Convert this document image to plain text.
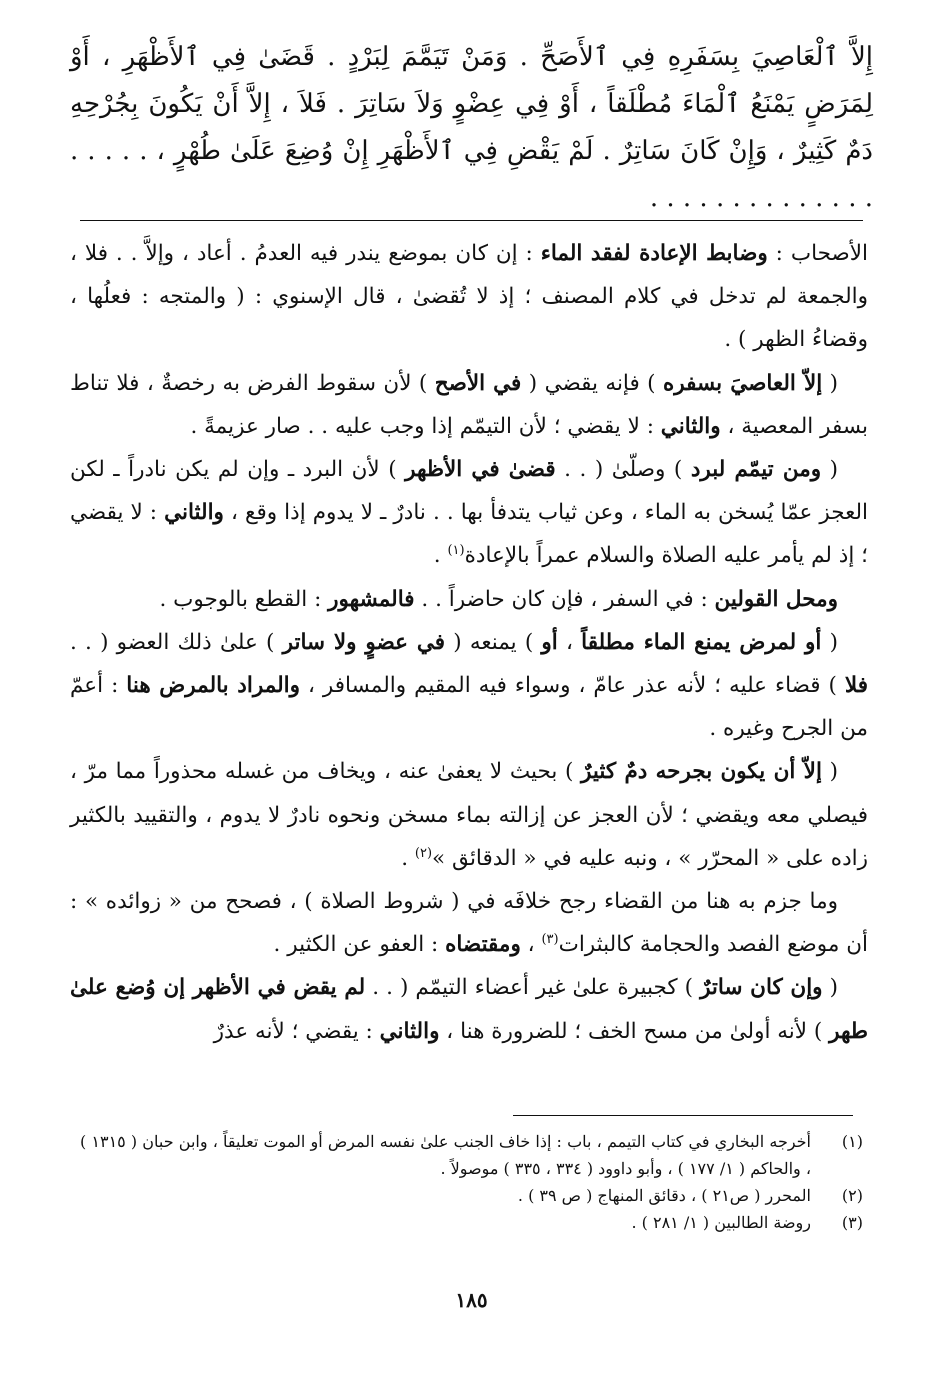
إِلاَّ ٱلْعَاصِيَ بِسَفَرِهِ فِي ٱلأَصَحِّ . وَمَنْ تَيَمَّمَ لِبَرْدٍ . قَضَىٰ فِي ٱلأَظْهَرِ ، أَوْ لِمَرَضٍ يَمْنَعُ ٱلْمَاءَ مُطْلَقاً ، أَوْ فِي عِضْوٍ وَلاَ سَاتِرَ . فَلاَ ، إِلاَّ أَنْ يَكُونَ بِجُرْحِهِ دَمٌ كَثِيرٌ ، وَإِنْ كَانَ سَاتِرٌ . لَمْ يَقْضِ فِي ٱلأَظْهَرِ إِنْ وُضِعَ عَلَىٰ طُهْرٍ ، . . . . . . . . . . . . . . . . . . .

الأصحاب : وضابط الإعادة لفقد الماء : إن كان بموضع يندر فيه العدمُ . أعاد ، وإلاَّ . . فلا ، والجمعة لم تدخل في كلام المصنف ؛ إذ لا تُقضىٰ ، قال الإسنوي : ( والمتجه : فعلُها ، وقضاءُ الظهر ) .

( إلاّ العاصيَ بسفره ) فإنه يقضي ( في الأصح ) لأن سقوط الفرض به رخصةٌ ، فلا تناط بسفر المعصية ، والثاني : لا يقضي ؛ لأن التيمّم إذا وجب عليه . . صار عزيمةً .

( ومن تيمّم لبرد ) وصلّىٰ ( . . قضىٰ في الأظهر ) لأن البرد ـ وإن لم يكن نادراً ـ لكن العجز عمّا يُسخن به الماء ، وعن ثياب يتدفأ بها . . نادرٌ ـ لا يدوم إذا وقع ، والثاني : لا يقضي ؛ إذ لم يأمر عليه الصلاة والسلام عمراً بالإعادة$^{(١)}$ .

ومحل القولين : في السفر ، فإن كان حاضراً . . فالمشهور : القطع بالوجوب .

( أو لمرض يمنع الماء مطلقاً ، أو ) يمنعه ( في عضوٍ ولا ساتر ) علىٰ ذلك العضو ( . . فلا ) قضاء عليه ؛ لأنه عذر عامّ ، وسواء فيه المقيم والمسافر ، والمراد بالمرض هنا : أعمّ من الجرح وغيره .

( إلاّ أن يكون بجرحه دمٌ كثيرٌ ) بحيث لا يعفىٰ عنه ، ويخاف من غسله محذوراً مما مرّ ، فيصلي معه ويقضي ؛ لأن العجز عن إزالته بماء مسخن ونحوه نادرٌ لا يدوم ، والتقييد بالكثير زاده على « المحرّر » ، ونبه عليه في « الدقائق »$^{(٢)}$ .

وما جزم به هنا من القضاء رجح خلافَه في ( شروط الصلاة ) ، فصحح من « زوائده » : أن موضع الفصد والحجامة كالبثرات$^{(٣)}$ ، ومقتضاه : العفو عن الكثير .

( وإن كان ساترٌ ) كجبيرة علىٰ غير أعضاء التيمّم ( . . لم يقض في الأظهر إن وُضع علىٰ طهر ) لأنه أولىٰ من مسح الخف ؛ للضرورة هنا ، والثاني : يقضي ؛ لأنه عذرٌ

(١)
أخرجه البخاري في كتاب التيمم ، باب : إذا خاف الجنب علىٰ نفسه المرض أو الموت تعليقاً ، وابن حبان ( ١٣١٥ ) ، والحاكم ( ١/ ١٧٧ ) ، وأبو داوود ( ٣٣٤ ، ٣٣٥ ) موصولاً .
(٢)
المحرر ( ص٢١ ) ، دقائق المنهاج ( ص ٣٩ ) .
(٣)
روضة الطالبين ( ١/ ٢٨١ ) .
١٨٥
